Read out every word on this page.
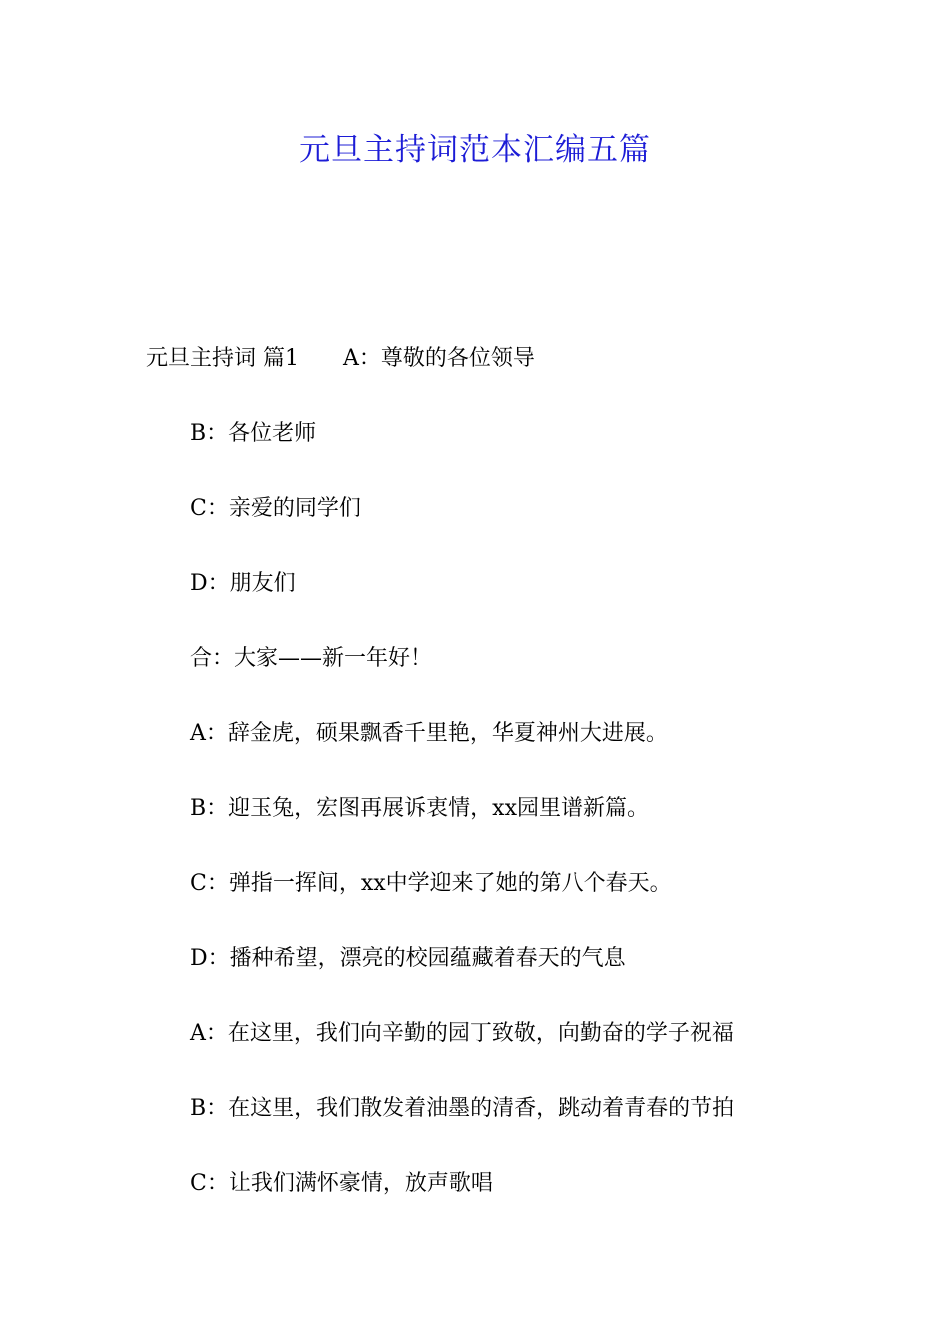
元旦主持词范本汇编五篇
元旦主持词 篇1 A：尊敬的各位领导
B：各位老师
C：亲爱的同学们
D：朋友们
合：大家——新一年好！
A：辞金虎，硕果飘香千里艳，华夏神州大进展。
B：迎玉兔，宏图再展诉衷情，xx园里谱新篇。
C：弹指一挥间，xx中学迎来了她的第八个春天。
D：播种希望，漂亮的校园蕴藏着春天的气息
A：在这里，我们向辛勤的园丁致敬，向勤奋的学子祝福
B：在这里，我们散发着油墨的清香，跳动着青春的节拍
C：让我们满怀豪情，放声歌唱
